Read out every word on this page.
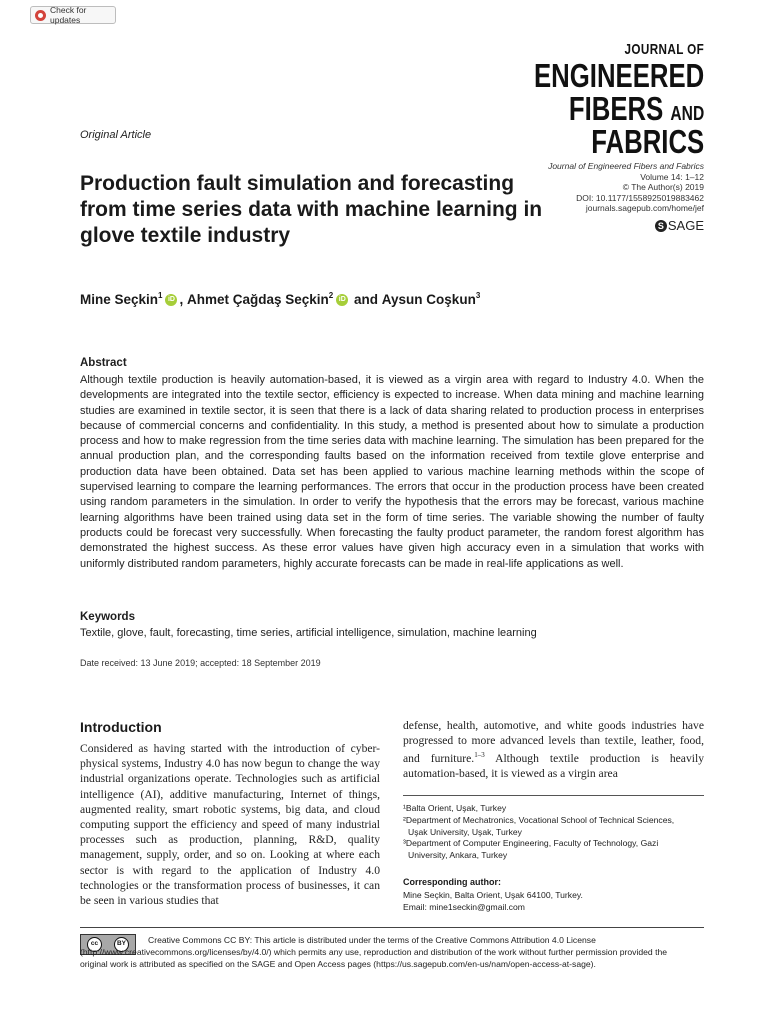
Check for updates
JOURNAL OF
ENGINEERED
FIBERS AND
FABRICS
Original Article
Journal of Engineered Fibers and Fabrics
Volume 14: 1–12
© The Author(s) 2019
DOI: 10.1177/1558925019883462
journals.sagepub.com/home/jef
S SAGE
Production fault simulation and forecasting from time series data with machine learning in glove textile industry
Mine Seçkin$^1$ iD , Ahmet Çağdaş Seçkin$^2$ iD and Aysun Coşkun$^3$
Abstract

Although textile production is heavily automation-based, it is viewed as a virgin area with regard to Industry 4.0. When the developments are integrated into the textile sector, efficiency is expected to increase. When data mining and machine learning studies are examined in textile sector, it is seen that there is a lack of data sharing related to production process in enterprises because of commercial concerns and confidentiality. In this study, a method is presented about how to simulate a production process and how to make regression from the time series data with machine learning. The simulation has been prepared for the annual production plan, and the corresponding faults based on the information received from textile glove enterprise and production data have been obtained. Data set has been applied to various machine learning methods within the scope of supervised learning to compare the learning performances. The errors that occur in the production process have been created using random parameters in the simulation. In order to verify the hypothesis that the errors may be forecast, various machine learning algorithms have been trained using data set in the form of time series. The variable showing the number of faulty products could be forecast very successfully. When forecasting the faulty product parameter, the random forest algorithm has demonstrated the highest success. As these error values have given high accuracy even in a simulation that works with uniformly distributed random parameters, highly accurate forecasts can be made in real-life applications as well.

Keywords
Textile, glove, fault, forecasting, time series, artificial intelligence, simulation, machine learning
Date received: 13 June 2019; accepted: 18 September 2019
Introduction

Considered as having started with the introduction of cyber-physical systems, Industry 4.0 has now begun to change the way industrial organizations operate. Technologies such as artificial intelligence (AI), additive manufacturing, Internet of things, augmented reality, smart robotic systems, big data, and cloud computing support the efficiency and speed of many industrial processes such as production, planning, R&D, quality management, supply, order, and so on. Looking at where each sector is with regard to the application of Industry 4.0 technologies or the transformation process of businesses, it can be seen in various studies that

defense, health, automotive, and white goods industries have progressed to more advanced levels than textile, leather, food, and furniture.$^{1-3}$ Although textile production is heavily automation-based, it is viewed as a virgin area

¹Balta Orient, Uşak, Turkey

²Department of Mechatronics, Vocational School of Technical Sciences,

Uşak University, Uşak, Turkey

³Department of Computer Engineering, Faculty of Technology, Gazi

University, Ankara, Turkey

Corresponding author:
Mine Seçkin, Balta Orient, Uşak 64100, Turkey.
Email: mine1seckin@gmail.com
cc	BY	Creative Commons CC BY: This article is distributed under the terms of the Creative Commons Attribution 4.0 License (http://www.creativecommons.org/licenses/by/4.0/) which permits any use, reproduction and distribution of the work without further permission provided the original work is attributed as specified on the SAGE and Open Access pages (https://us.sagepub.com/en-us/nam/open-access-at-sage).
